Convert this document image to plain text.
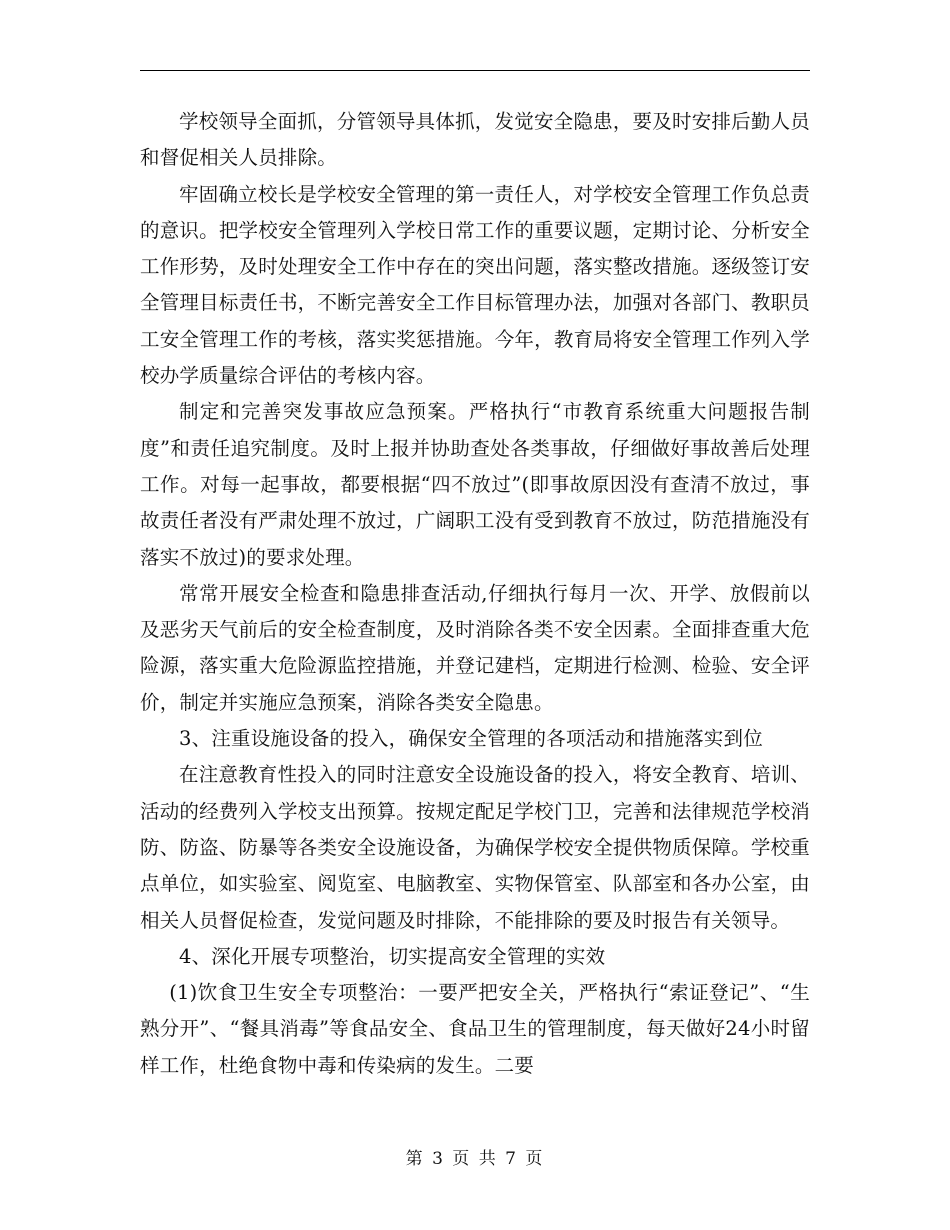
学校领导全面抓，分管领导具体抓，发觉安全隐患，要及时安排后勤人员和督促相关人员排除。

牢固确立校长是学校安全管理的第一责任人，对学校安全管理工作负总责的意识。把学校安全管理列入学校日常工作的重要议题，定期讨论、分析安全工作形势，及时处理安全工作中存在的突出问题，落实整改措施。逐级签订安全管理目标责任书，不断完善安全工作目标管理办法，加强对各部门、教职员工安全管理工作的考核，落实奖惩措施。今年，教育局将安全管理工作列入学校办学质量综合评估的考核内容。

制定和完善突发事故应急预案。严格执行“市教育系统重大问题报告制度”和责任追究制度。及时上报并协助查处各类事故，仔细做好事故善后处理工作。对每一起事故，都要根据“四不放过”(即事故原因没有查清不放过，事故责任者没有严肃处理不放过，广阔职工没有受到教育不放过，防范措施没有落实不放过)的要求处理。

常常开展安全检查和隐患排查活动,仔细执行每月一次、开学、放假前以及恶劣天气前后的安全检查制度，及时消除各类不安全因素。全面排查重大危险源，落实重大危险源监控措施，并登记建档，定期进行检测、检验、安全评价，制定并实施应急预案，消除各类安全隐患。

3、注重设施设备的投入，确保安全管理的各项活动和措施落实到位

在注意教育性投入的同时注意安全设施设备的投入，将安全教育、培训、活动的经费列入学校支出预算。按规定配足学校门卫，完善和法律规范学校消防、防盗、防暴等各类安全设施设备，为确保学校安全提供物质保障。学校重点单位，如实验室、阅览室、电脑教室、实物保管室、队部室和各办公室，由相关人员督促检查，发觉问题及时排除，不能排除的要及时报告有关领导。

4、深化开展专项整治，切实提高安全管理的实效

(1)饮食卫生安全专项整治：一要严把安全关，严格执行“索证登记”、“生熟分开”、“餐具消毒”等食品安全、食品卫生的管理制度，每天做好24小时留样工作，杜绝食物中毒和传染病的发生。二要

第 3 页 共 7 页
